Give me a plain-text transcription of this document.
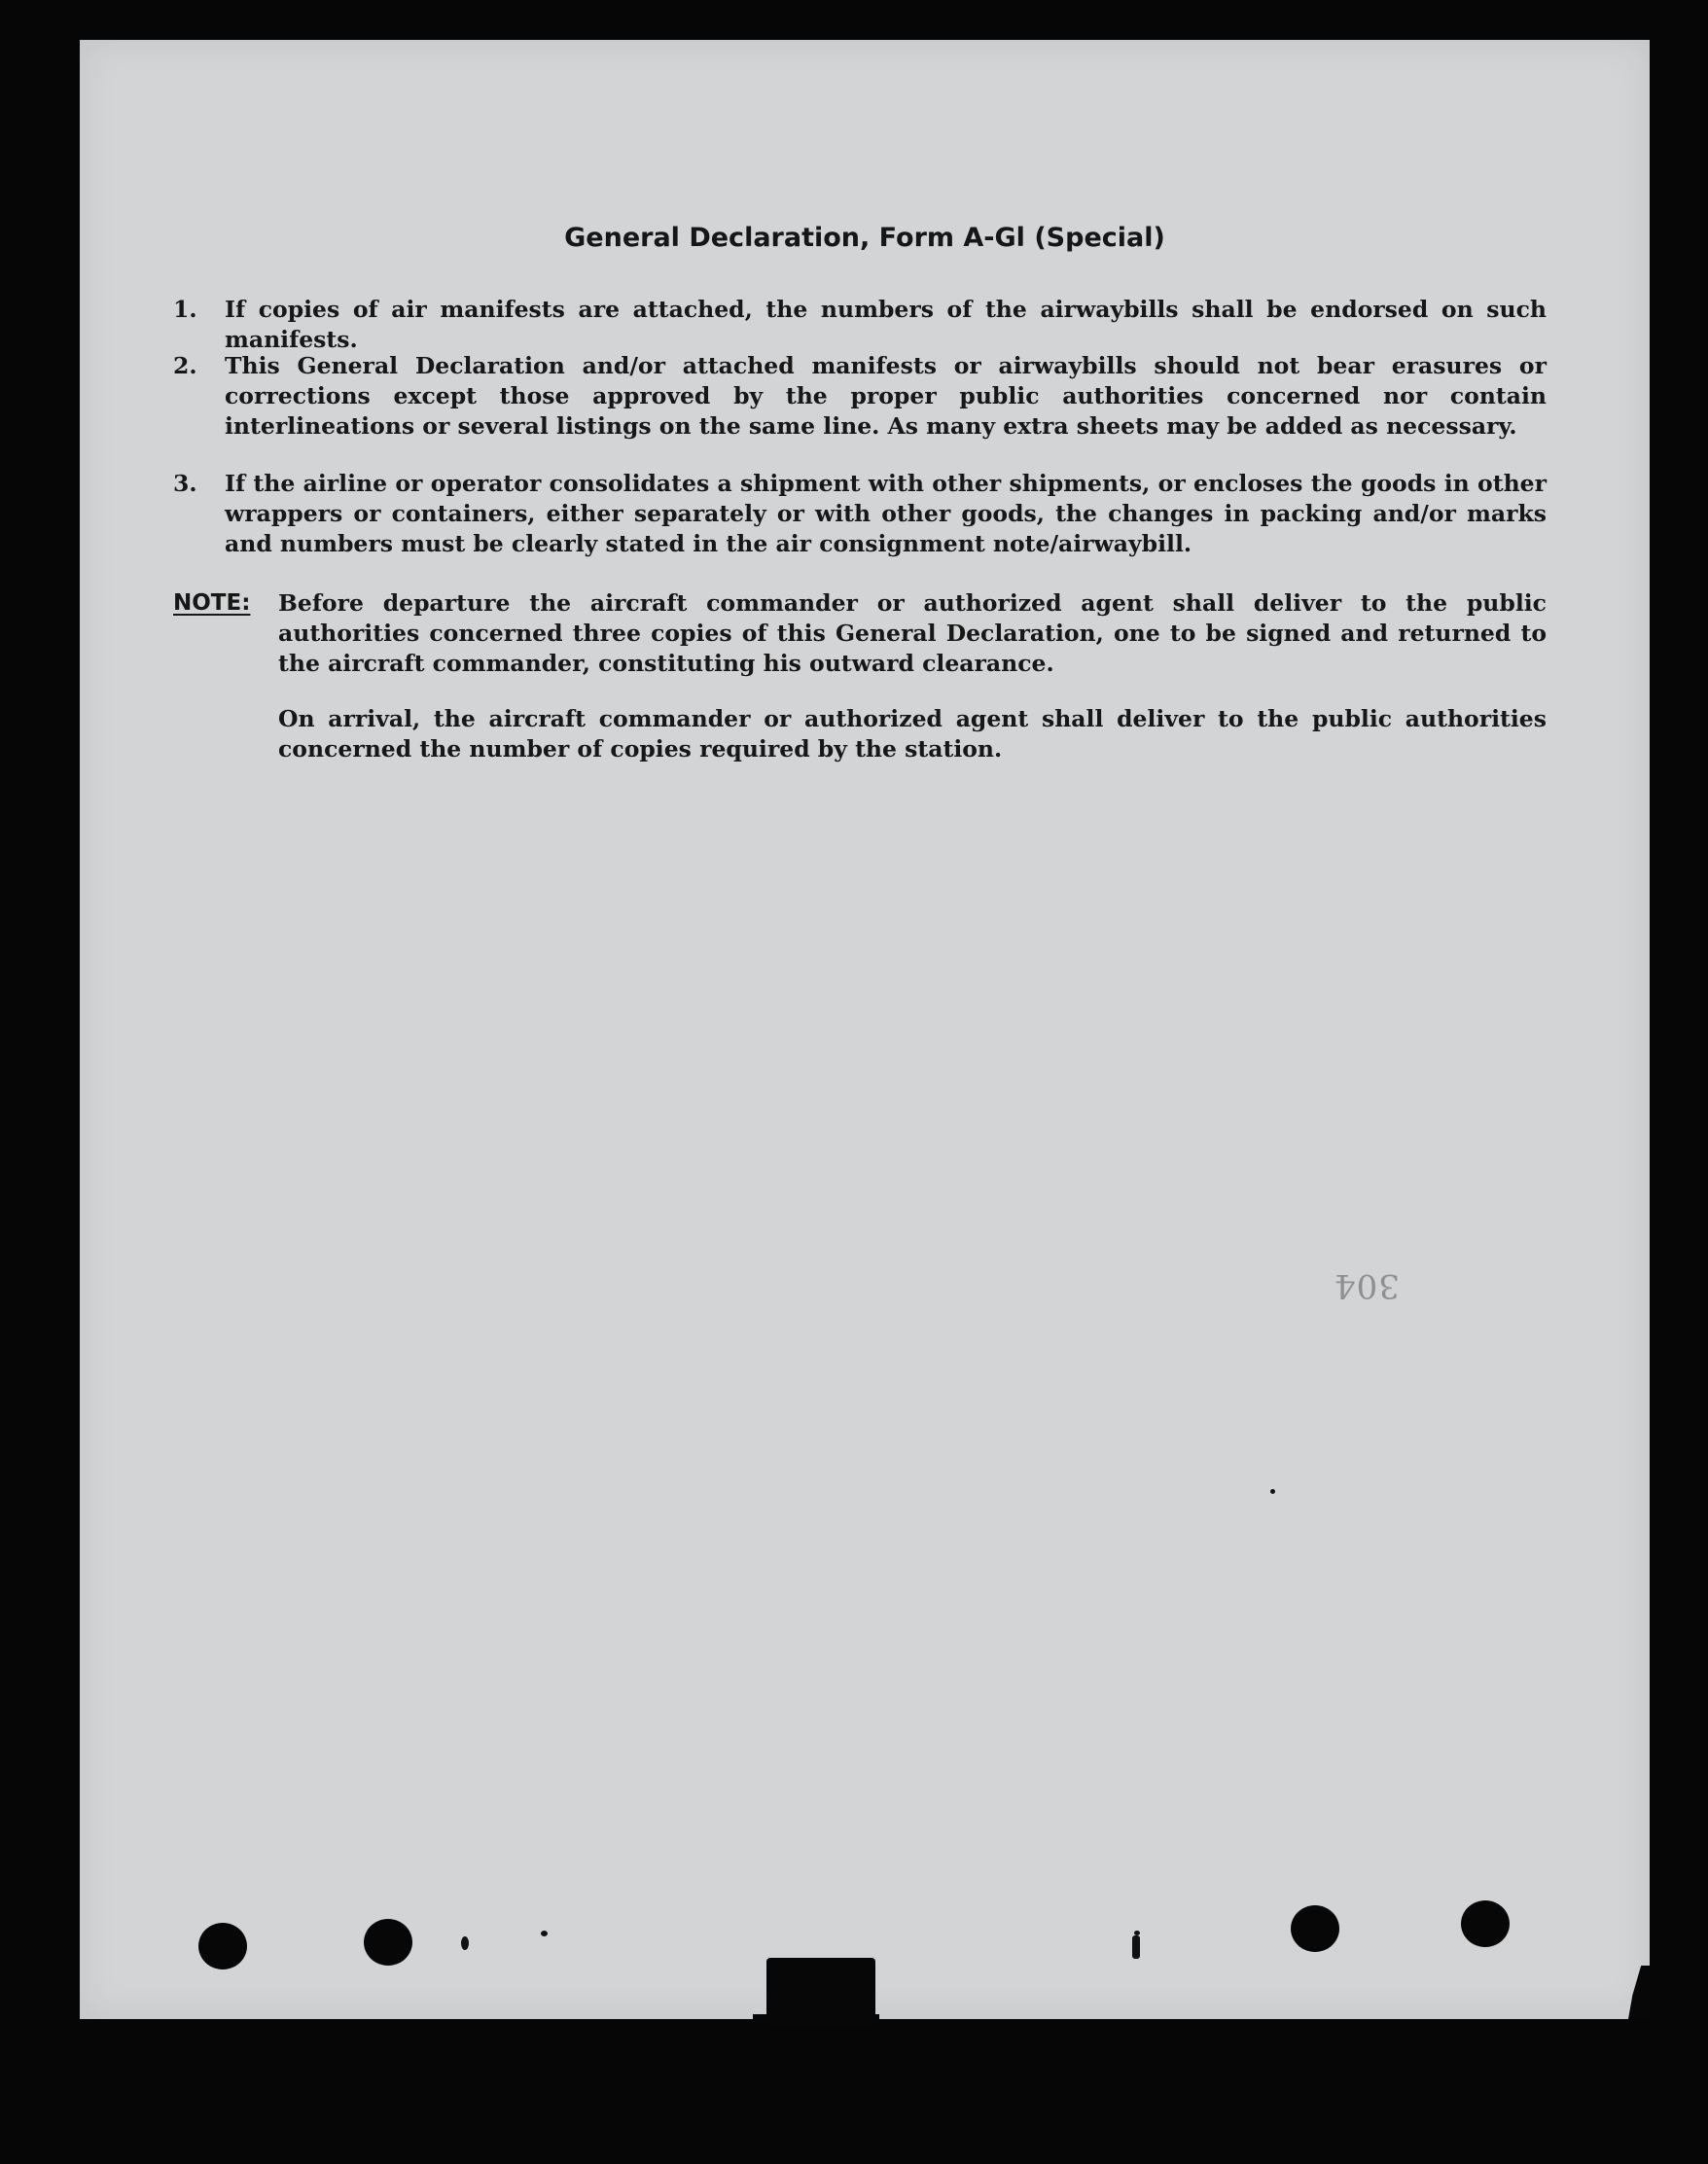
General Declaration, Form A-Gl (Special)
1. If copies of air manifests are attached, the numbers of the airwaybills shall be endorsed on such manifests.
2. This General Declaration and/or attached manifests or airwaybills should not bear erasures or corrections except those approved by the proper public authorities concerned nor contain interlineations or several listings on the same line. As many extra sheets may be added as necessary.
3. If the airline or operator consolidates a shipment with other shipments, or encloses the goods in other wrappers or containers, either separately or with other goods, the changes in packing and/or marks and numbers must be clearly stated in the air consignment note/airwaybill.
NOTE: Before departure the aircraft commander or authorized agent shall deliver to the public authorities concerned three copies of this General Declaration, one to be signed and returned to the aircraft commander, constituting his outward clearance.
On arrival, the aircraft commander or authorized agent shall deliver to the public authorities concerned the number of copies required by the station.
304
